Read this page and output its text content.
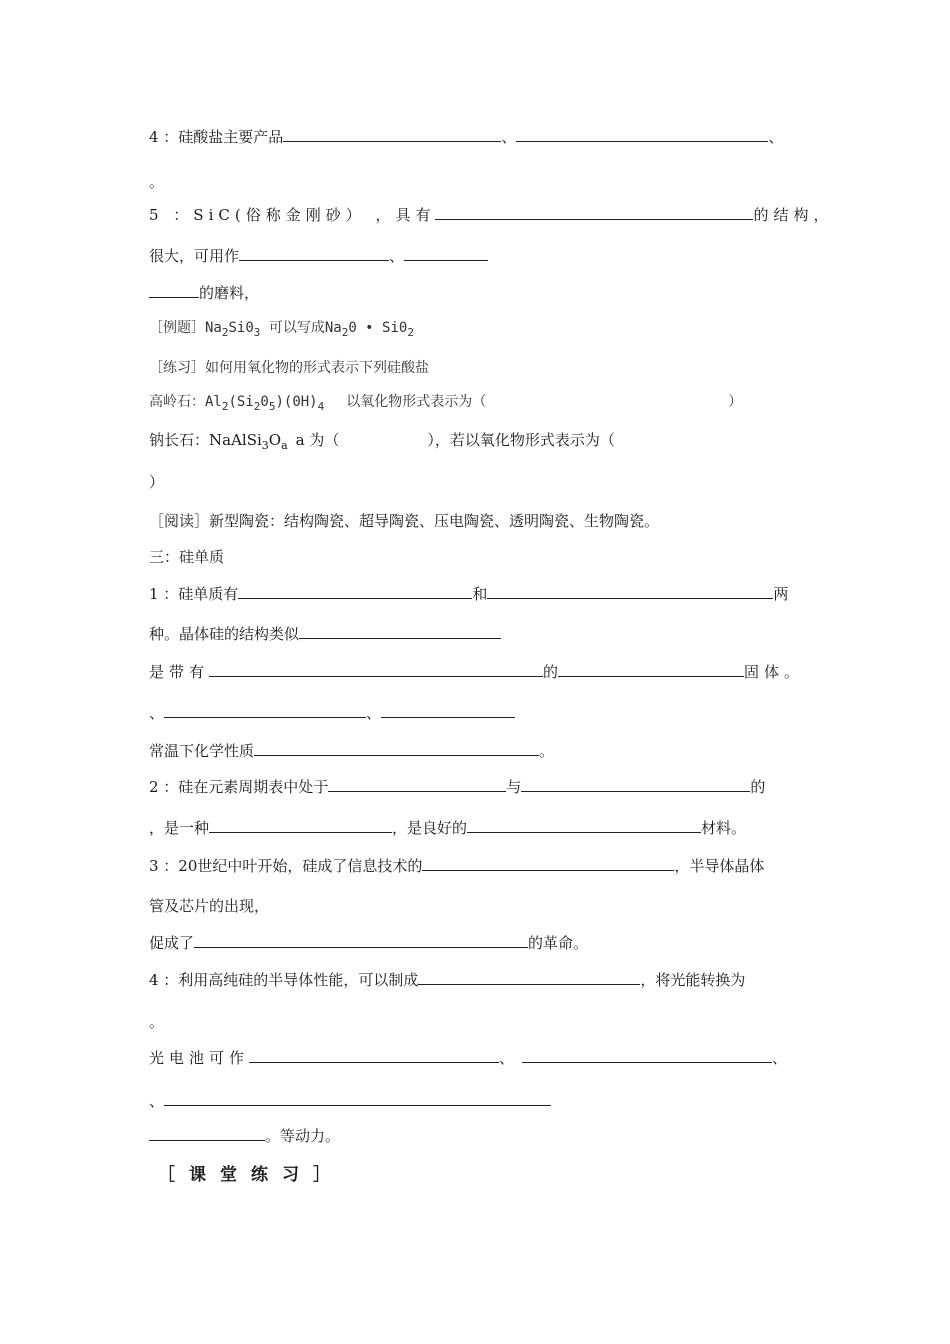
4 ：硅酸盐主要产品	、	、
。
5 ：SiC(俗称金刚砂） ，具有	的结构，
很大，可用作	、
的磨料，
［例题$]Na_2Si0_3$ 可以写成$Na_20$ • $Si0_2$
［练习］如何用氧化物的形式表示下列硅酸盐
高岭石：$Al_2(Si_20_5)(0H)_4$ 以氧化物形式表示为（	）
钠长石：$NaAlSi_3O_a$ a 为（	），若以氧化物形式表示为（
）
［阅读］新型陶瓷：结构陶瓷、超导陶瓷、压电陶瓷、透明陶瓷、生物陶瓷。
三：硅单质
1 ：硅单质有	和	两
种。晶体硅的结构类似
是带有	的	固体。
、	、
常温下化学性质	。
2 ：硅在元素周期表中处于	与	的
，是一种	，是良好的	材料。
3 ：20世纪中叶开始，硅成了信息技术的	，半导体晶体
管及芯片的出现，
促成了	的革命。
4 ：利用高纯硅的半导体性能，可以制成	，将光能转换为
。
光电池可作	、	、
、
。等动力。
［课堂练习］
